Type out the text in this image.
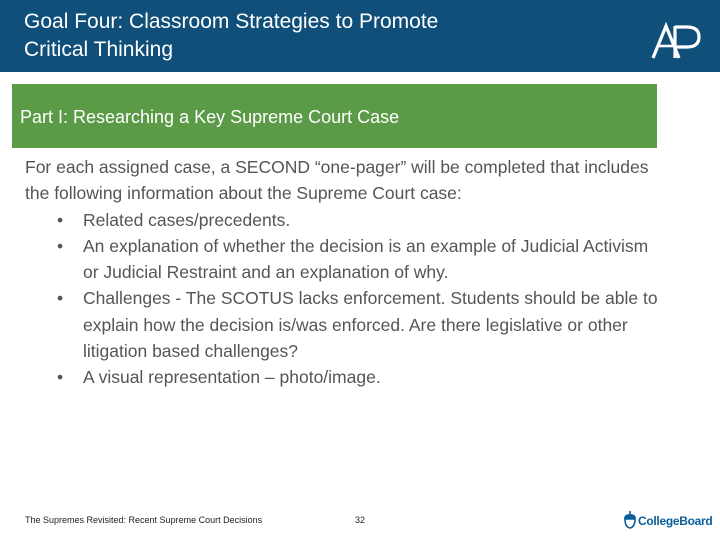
Goal Four: Classroom Strategies to Promote
Critical Thinking
Part I: Researching a Key Supreme Court Case

For each assigned case, a SECOND “one-pager” will be completed that includes the following information about the Supreme Court case:

• Related cases/precedents.
• An explanation of whether the decision is an example of Judicial Activism or Judicial Restraint and an explanation of why.
• Challenges - The SCOTUS lacks enforcement. Students should be able to explain how the decision is/was enforced. Are there legislative or other litigation based challenges?
• A visual representation – photo/image.
The Supremes Revisited: Recent Supreme Court Decisions	32	CollegeBoard
